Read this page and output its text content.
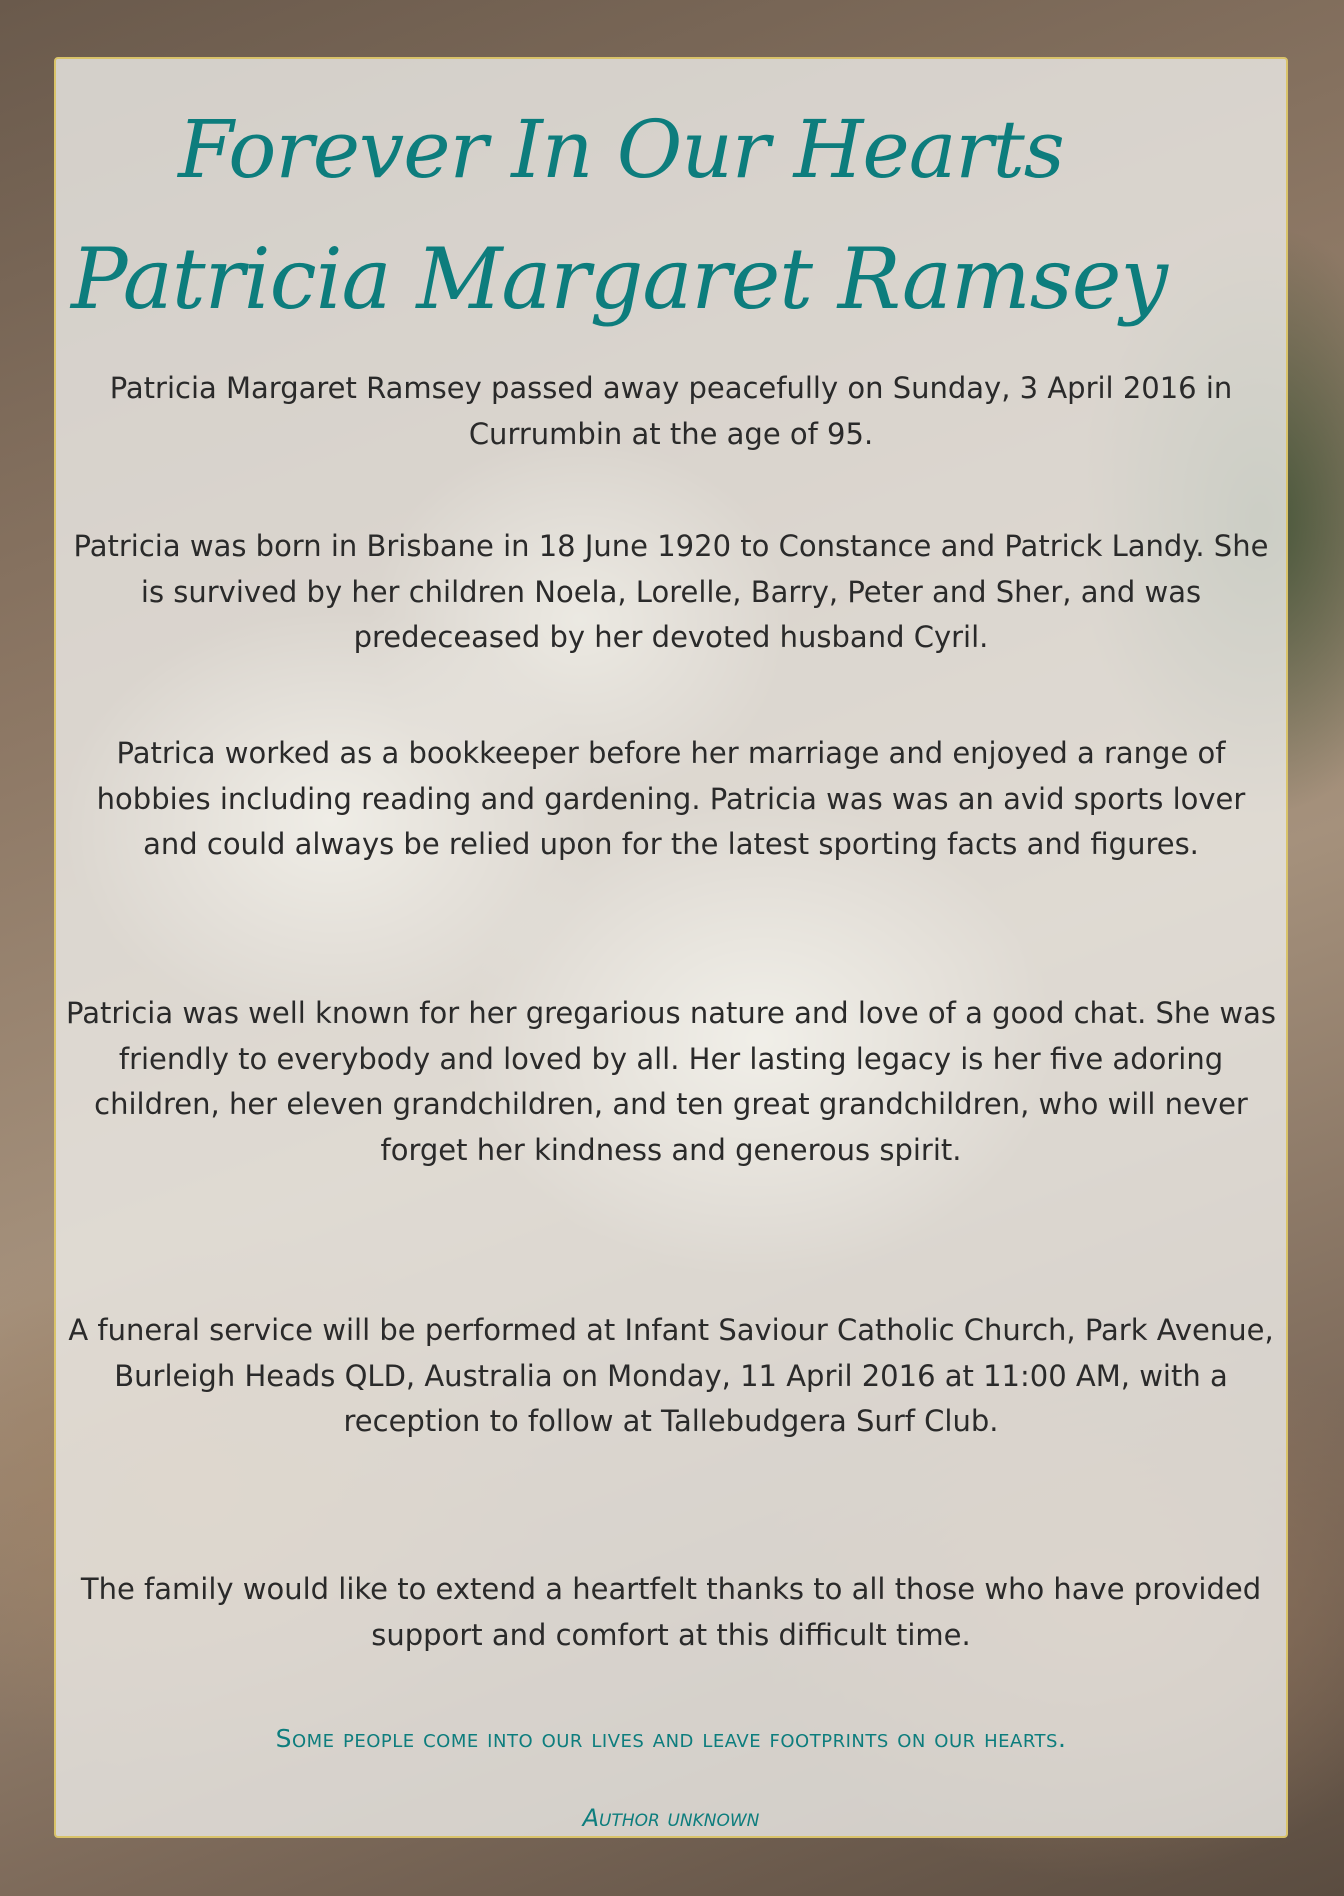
Forever In Our Hearts
Patricia Margaret Ramsey

Patricia Margaret Ramsey passed away peacefully on Sunday, 3 April 2016 in Currumbin at the age of 95.

Patricia was born in Brisbane in 18 June 1920 to Constance and Patrick Landy. She is survived by her children Noela, Lorelle, Barry, Peter and Sher, and was predeceased by her devoted husband Cyril.

Patrica worked as a bookkeeper before her marriage and enjoyed a range of hobbies including reading and gardening. Patricia was was an avid sports lover and could always be relied upon for the latest sporting facts and figures.

Patricia was well known for her gregarious nature and love of a good chat. She was friendly to everybody and loved by all. Her lasting legacy is her five adoring children, her eleven grandchildren, and ten great grandchildren, who will never forget her kindness and generous spirit.

A funeral service will be performed at Infant Saviour Catholic Church, Park Avenue, Burleigh Heads QLD, Australia on Monday, 11 April 2016 at 11:00 AM, with a reception to follow at Tallebudgera Surf Club.

The family would like to extend a heartfelt thanks to all those who have provided support and comfort at this difficult time.

Some people come into our lives and leave footprints on our hearts.

Author unknown
